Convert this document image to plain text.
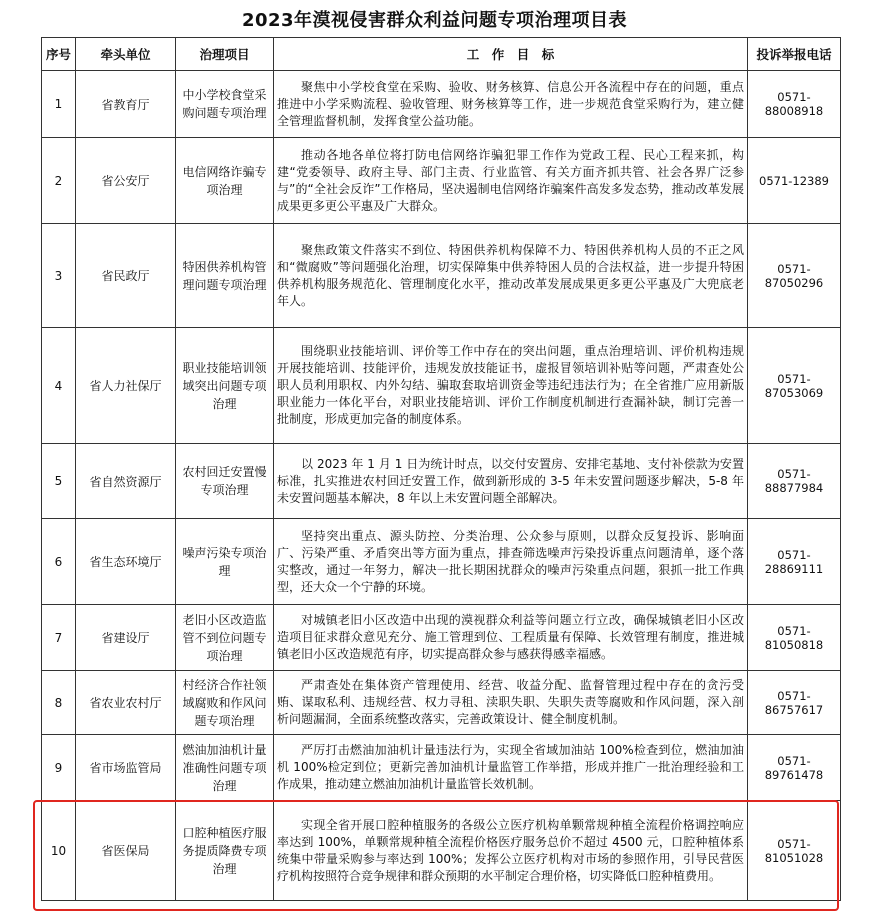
2023年漠视侵害群众利益问题专项治理项目表
序号	牵头单位	治理项目	工　作　目　标	投诉举报电话
1	省教育厅	中小学校食堂采购问题专项治理	聚焦中小学校食堂在采购、验收、财务核算、信息公开各流程中存在的问题，重点推进中小学采购流程、验收管理、财务核算等工作，进一步规范食堂采购行为，建立健全管理监督机制，发挥食堂公益功能。	0571-88008918
2	省公安厅	电信网络诈骗专项治理	推动各地各单位将打防电信网络诈骗犯罪工作作为党政工程、民心工程来抓，构建“党委领导、政府主导、部门主责、行业监管、有关方面齐抓共管、社会各界广泛参与”的“全社会反诈”工作格局，坚决遏制电信网络诈骗案件高发多发态势，推动改革发展成果更多更公平惠及广大群众。	0571-12389
3	省民政厅	特困供养机构管理问题专项治理	聚焦政策文件落实不到位、特困供养机构保障不力、特困供养机构人员的不正之风和“微腐败”等问题强化治理，切实保障集中供养特困人员的合法权益，进一步提升特困供养机构服务规范化、管理制度化水平，推动改革发展成果更多更公平惠及广大兜底老年人。	0571-87050296
4	省人力社保厅	职业技能培训领域突出问题专项治理	围绕职业技能培训、评价等工作中存在的突出问题，重点治理培训、评价机构违规开展技能培训、技能评价，违规发放技能证书，虚报冒领培训补贴等问题，严肃查处公职人员利用职权、内外勾结、骗取套取培训资金等违纪违法行为；在全省推广应用新版职业能力一体化平台，对职业技能培训、评价工作制度机制进行查漏补缺，制订完善一批制度，形成更加完备的制度体系。	0571-87053069
5	省自然资源厅	农村回迁安置慢专项治理	以 2023 年 1 月 1 日为统计时点，以交付安置房、安排宅基地、支付补偿款为安置标准，扎实推进农村回迁安置工作，做到新形成的 3-5 年未安置问题逐步解决，5-8 年未安置问题基本解决，8 年以上未安置问题全部解决。	0571-88877984
6	省生态环境厅	噪声污染专项治理	坚持突出重点、源头防控、分类治理、公众参与原则，以群众反复投诉、影响面广、污染严重、矛盾突出等方面为重点，排查筛选噪声污染投诉重点问题清单，逐个落实整改，通过一年努力，解决一批长期困扰群众的噪声污染重点问题，狠抓一批工作典型，还大众一个宁静的环境。	0571-28869111
7	省建设厅	老旧小区改造监管不到位问题专项治理	对城镇老旧小区改造中出现的漠视群众利益等问题立行立改，确保城镇老旧小区改造项目征求群众意见充分、施工管理到位、工程质量有保障、长效管理有制度，推进城镇老旧小区改造规范有序，切实提高群众参与感获得感幸福感。	0571-81050818
8	省农业农村厅	村经济合作社领域腐败和作风问题专项治理	严肃查处在集体资产管理使用、经营、收益分配、监督管理过程中存在的贪污受贿、谋取私利、违规经营、权力寻租、渎职失职、失职失责等腐败和作风问题，深入剖析问题漏洞，全面系统整改落实，完善政策设计、健全制度机制。	0571-86757617
9	省市场监管局	燃油加油机计量准确性问题专项治理	严厉打击燃油加油机计量违法行为，实现全省域加油站 100%检查到位，燃油加油机 100%检定到位；更新完善加油机计量监管工作举措，形成并推广一批治理经验和工作成果，推动建立燃油加油机计量监管长效机制。	0571-89761478
10	省医保局	口腔种植医疗服务提质降费专项治理	实现全省开展口腔种植服务的各级公立医疗机构单颗常规种植全流程价格调控响应率达到 100%，单颗常规种植全流程价格医疗服务总价不超过 4500 元，口腔种植体系统集中带量采购参与率达到 100%；发挥公立医疗机构对市场的参照作用，引导民营医疗机构按照符合竞争规律和群众预期的水平制定合理价格，切实降低口腔种植费用。	0571-81051028
